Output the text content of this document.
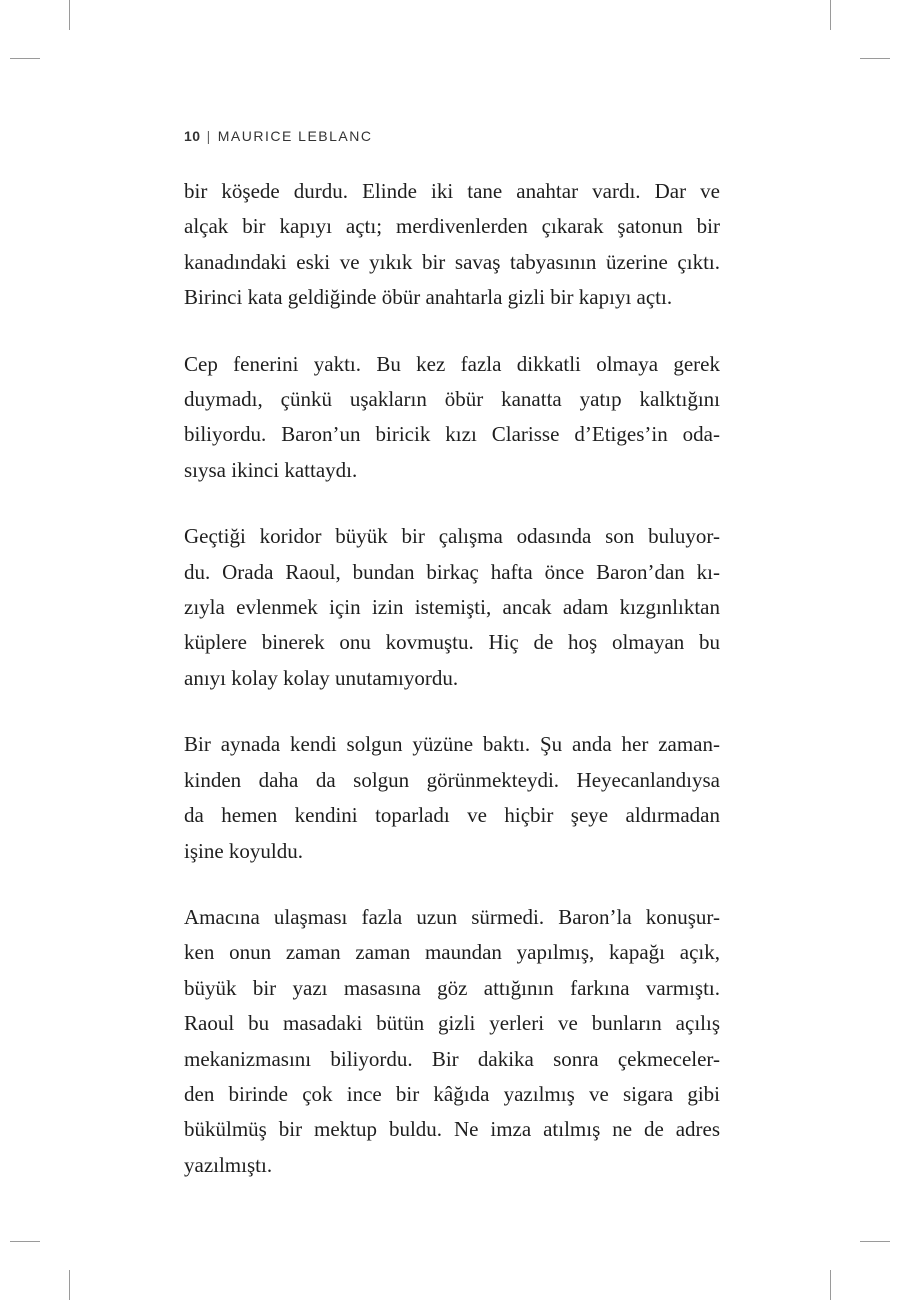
10 | MAURICE LEBLANC
bir köşede durdu. Elinde iki tane anahtar vardı. Dar ve
alçak bir kapıyı açtı; merdivenlerden çıkarak şatonun bir
kanadındaki eski ve yıkık bir savaş tabyasının üzerine çıktı.
Birinci kata geldiğinde öbür anahtarla gizli bir kapıyı açtı.
Cep fenerini yaktı. Bu kez fazla dikkatli olmaya gerek
duymadı, çünkü uşakların öbür kanatta yatıp kalktığını
biliyordu. Baron’un biricik kızı Clarisse d’Etiges’in oda-
sıysa ikinci kattaydı.
Geçtiği koridor büyük bir çalışma odasında son buluyor-
du. Orada Raoul, bundan birkaç hafta önce Baron’dan kı-
zıyla evlenmek için izin istemişti, ancak adam kızgınlıktan
küplere binerek onu kovmuştu. Hiç de hoş olmayan bu
anıyı kolay kolay unutamıyordu.
Bir aynada kendi solgun yüzüne baktı. Şu anda her zaman-
kinden daha da solgun görünmekteydi. Heyecanlandıysa
da hemen kendini toparladı ve hiçbir şeye aldırmadan
işine koyuldu.
Amacına ulaşması fazla uzun sürmedi. Baron’la konuşur-
ken onun zaman zaman maundan yapılmış, kapağı açık,
büyük bir yazı masasına göz attığının farkına varmıştı.
Raoul bu masadaki bütün gizli yerleri ve bunların açılış
mekanizmasını biliyordu. Bir dakika sonra çekmeceler-
den birinde çok ince bir kâğıda yazılmış ve sigara gibi
bükülmüş bir mektup buldu. Ne imza atılmış ne de adres
yazılmıştı.
